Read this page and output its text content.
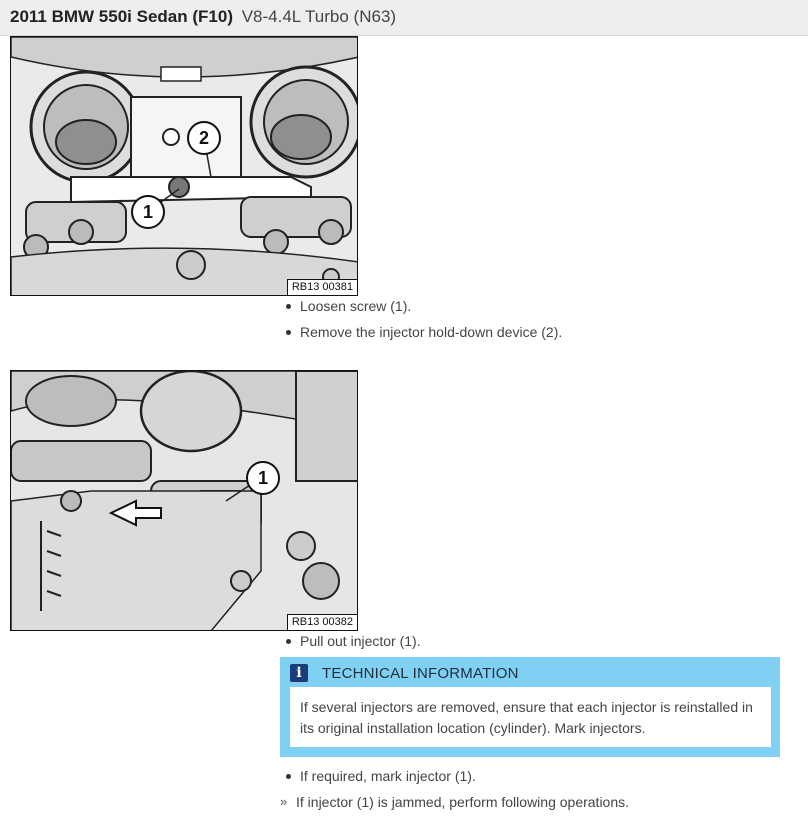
2011 BMW 550i Sedan (F10) V8-4.4L Turbo (N63)
1
2
RB13 00381
Loosen screw (1).
Remove the injector hold-down device (2).
1
RB13 00382
Pull out injector (1).
i	TECHNICAL INFORMATION
If several injectors are removed, ensure that each injector is reinstalled in its original installation location (cylinder). Mark injectors.
If required, mark injector (1).
» If injector (1) is jammed, perform following operations.
